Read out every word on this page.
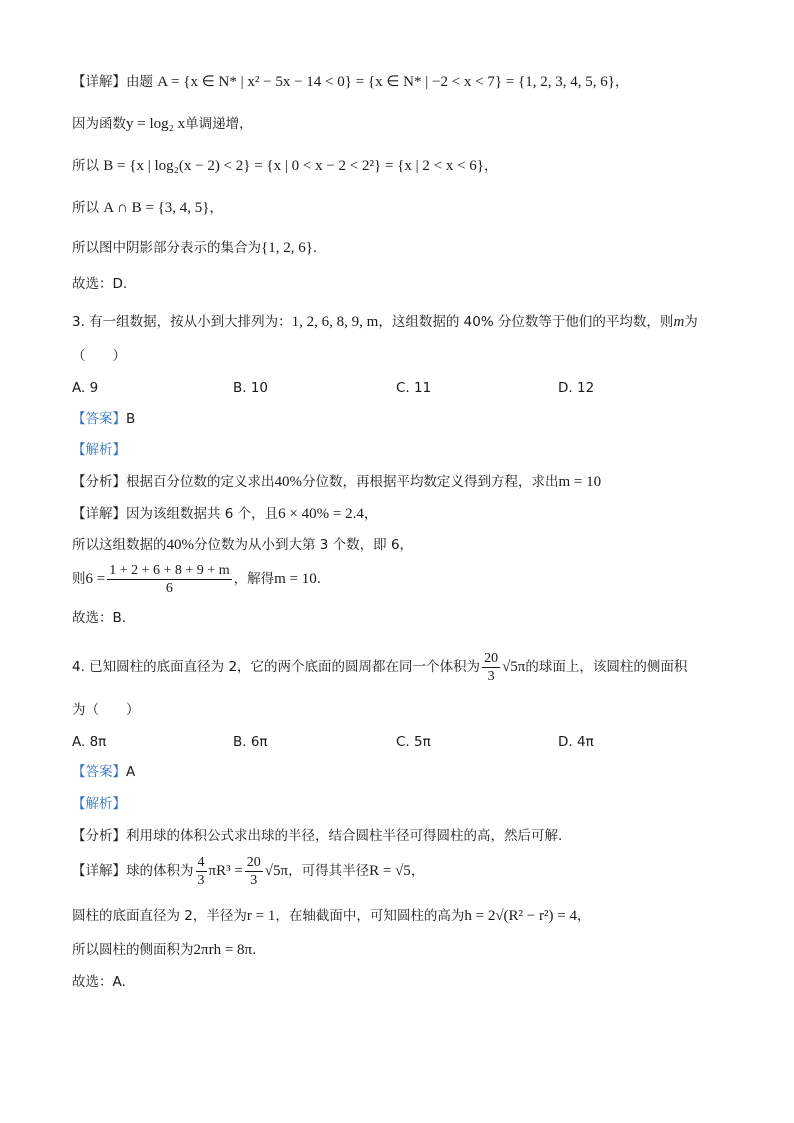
【详解】由题 A = {x ∈ N* | x² − 5x − 14 < 0} = {x ∈ N* | −2 < x < 7} = {1, 2, 3, 4, 5, 6}，
因为函数y = log₂ x单调递增，
所以 B = {x | log₂(x − 2) < 2} = {x | 0 < x − 2 < 2²} = {x | 2 < x < 6}，
所以 A ∩ B = {3, 4, 5}，
所以图中阴影部分表示的集合为{1, 2, 6}.
故选：D.
3. 有一组数据，按从小到大排列为：1, 2, 6, 8, 9, m，这组数据的 40% 分位数等于他们的平均数，则m为
（　　）
A. 9	B. 10	C. 11	D. 12
【答案】B
【解析】
【分析】根据百分位数的定义求出40%分位数，再根据平均数定义得到方程，求出m = 10
【详解】因为该组数据共 6 个，且6 × 40% = 2.4，
所以这组数据的40%分位数为从小到大第 3 个数，即 6，
则$6 = \frac{1 + 2 + 6 + 8 + 9 + m}{6}$ ，解得m = 10.
故选：B.
4. 已知圆柱的底面直径为 2，它的两个底面的圆周都在同一个体积为 $\frac{20}{3} √5\pi$的球面上，该圆柱的侧面积
为（　　）
A. 8π	B. 6π	C. 5π	D. 4π
【答案】A
【解析】
【分析】利用球的体积公式求出球的半径，结合圆柱半径可得圆柱的高，然后可解.
【详解】球的体积为 $\frac{4}{3} \pi R^3 = \frac{20}{3} √5\pi$，可得其半径R = √5，
圆柱的底面直径为 2，半径为r = 1，在轴截面中，可知圆柱的高为h = 2√(R² − r²) = 4，
所以圆柱的侧面积为2πrh = 8π.
故选：A.
